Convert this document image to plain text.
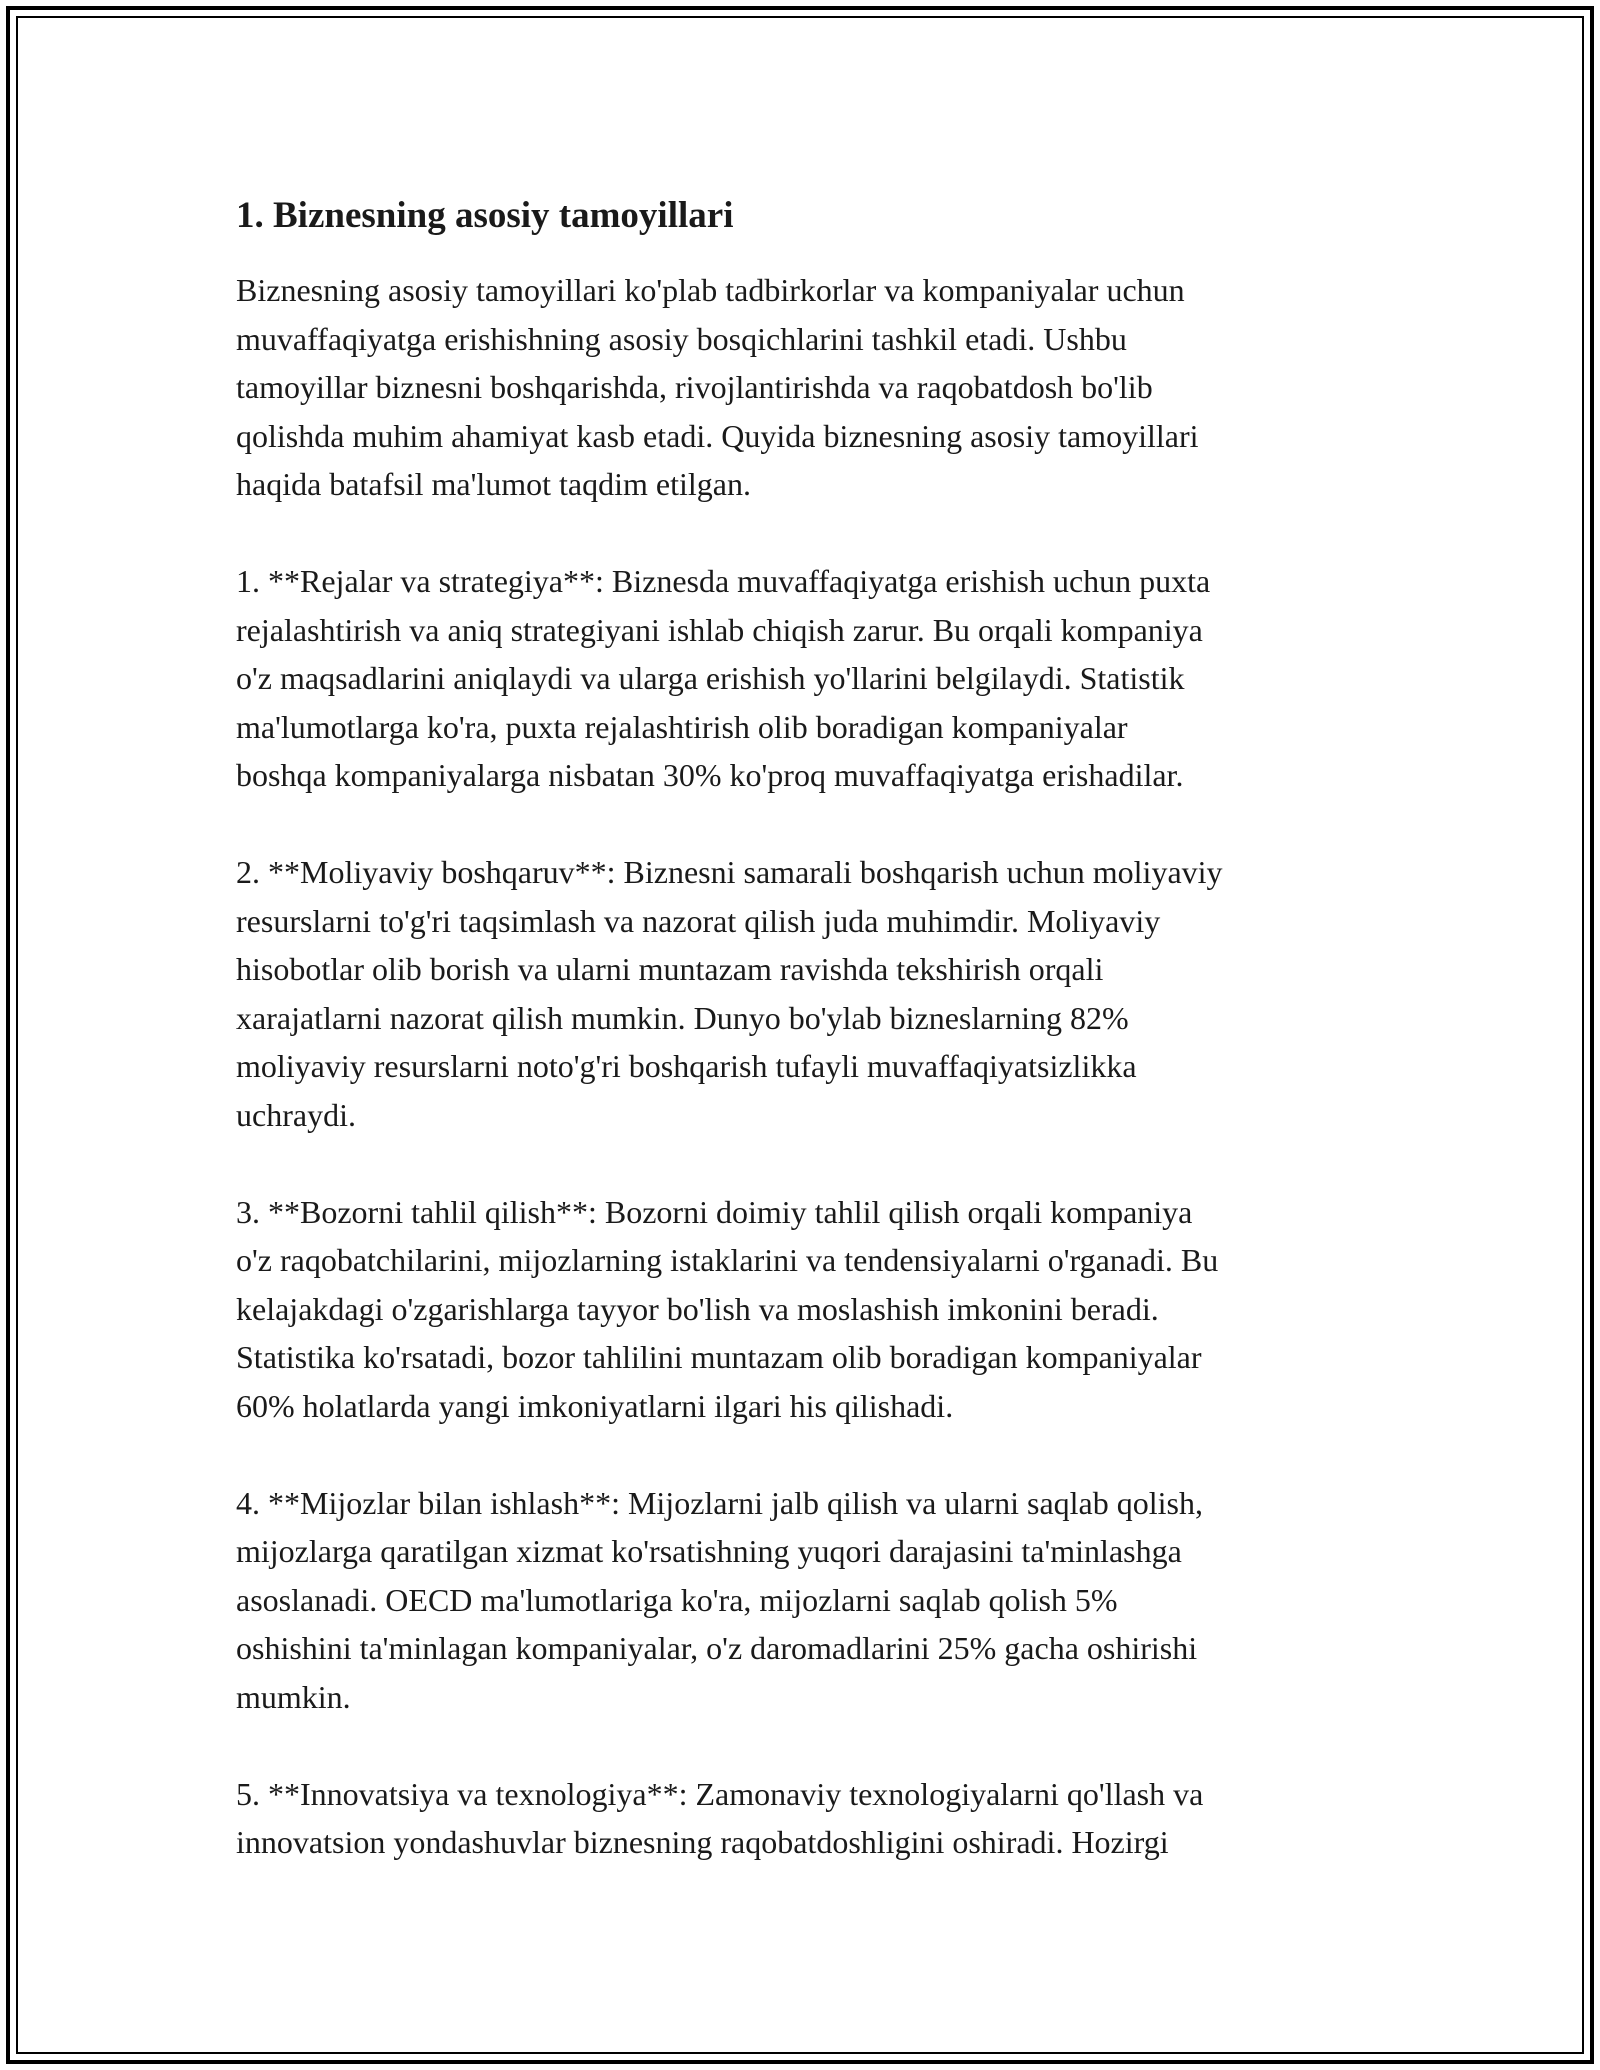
1. Biznesning asosiy tamoyillari
Biznesning asosiy tamoyillari ko'plab tadbirkorlar va kompaniyalar uchun
muvaffaqiyatga erishishning asosiy bosqichlarini tashkil etadi. Ushbu
tamoyillar biznesni boshqarishda, rivojlantirishda va raqobatdosh bo'lib
qolishda muhim ahamiyat kasb etadi. Quyida biznesning asosiy tamoyillari
haqida batafsil ma'lumot taqdim etilgan.
1. **Rejalar va strategiya**: Biznesda muvaffaqiyatga erishish uchun puxta
rejalashtirish va aniq strategiyani ishlab chiqish zarur. Bu orqali kompaniya
o'z maqsadlarini aniqlaydi va ularga erishish yo'llarini belgilaydi. Statistik
ma'lumotlarga ko'ra, puxta rejalashtirish olib boradigan kompaniyalar
boshqa kompaniyalarga nisbatan 30% ko'proq muvaffaqiyatga erishadilar.
2. **Moliyaviy boshqaruv**: Biznesni samarali boshqarish uchun moliyaviy
resurslarni to'g'ri taqsimlash va nazorat qilish juda muhimdir. Moliyaviy
hisobotlar olib borish va ularni muntazam ravishda tekshirish orqali
xarajatlarni nazorat qilish mumkin. Dunyo bo'ylab bizneslarning 82%
moliyaviy resurslarni noto'g'ri boshqarish tufayli muvaffaqiyatsizlikka
uchraydi.
3. **Bozorni tahlil qilish**: Bozorni doimiy tahlil qilish orqali kompaniya
o'z raqobatchilarini, mijozlarning istaklarini va tendensiyalarni o'rganadi. Bu
kelajakdagi o'zgarishlarga tayyor bo'lish va moslashish imkonini beradi.
Statistika ko'rsatadi, bozor tahlilini muntazam olib boradigan kompaniyalar
60% holatlarda yangi imkoniyatlarni ilgari his qilishadi.
4. **Mijozlar bilan ishlash**: Mijozlarni jalb qilish va ularni saqlab qolish,
mijozlarga qaratilgan xizmat ko'rsatishning yuqori darajasini ta'minlashga
asoslanadi. OECD ma'lumotlariga ko'ra, mijozlarni saqlab qolish 5%
oshishini ta'minlagan kompaniyalar, o'z daromadlarini 25% gacha oshirishi
mumkin.
5. **Innovatsiya va texnologiya**: Zamonaviy texnologiyalarni qo'llash va
innovatsion yondashuvlar biznesning raqobatdoshligini oshiradi. Hozirgi
